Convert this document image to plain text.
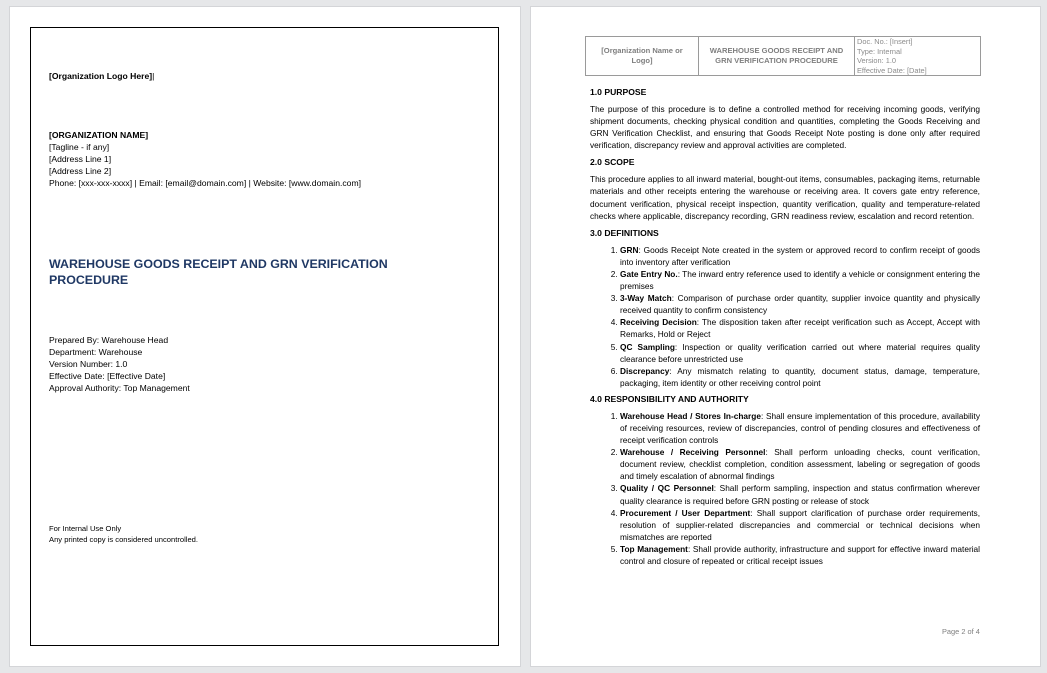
[Organization Logo Here]|
[ORGANIZATION NAME]
[Tagline - if any]
[Address Line 1]
[Address Line 2]
Phone: [xxx-xxx-xxxx] | Email: [email@domain.com] | Website: [www.domain.com]
WAREHOUSE GOODS RECEIPT AND GRN VERIFICATION PROCEDURE
Prepared By: Warehouse Head
Department: Warehouse
Version Number: 1.0
Effective Date: [Effective Date]
Approval Authority: Top Management
For Internal Use Only
Any printed copy is considered uncontrolled.
[Organization Name or Logo]	WAREHOUSE GOODS RECEIPT AND GRN VERIFICATION PROCEDURE	
Doc. No.: [Insert]
Type: Internal
Version: 1.0
Effective Date: [Date]
1.0 PURPOSE

The purpose of this procedure is to define a controlled method for receiving incoming goods, verifying shipment documents, checking physical condition and quantities, completing the Goods Receiving and GRN Verification Checklist, and ensuring that Goods Receipt Note posting is done only after required verification, discrepancy review and approval activities are completed.

2.0 SCOPE

This procedure applies to all inward material, bought-out items, consumables, packaging items, returnable materials and other receipts entering the warehouse or receiving area. It covers gate entry reference, document verification, physical receipt inspection, quantity verification, quality and temperature-related checks where applicable, discrepancy recording, GRN readiness review, escalation and record retention.

3.0 DEFINITIONS
1. GRN: Goods Receipt Note created in the system or approved record to confirm receipt of goods into inventory after verification
2. Gate Entry No.: The inward entry reference used to identify a vehicle or consignment entering the premises
3. 3-Way Match: Comparison of purchase order quantity, supplier invoice quantity and physically received quantity to confirm consistency
4. Receiving Decision: The disposition taken after receipt verification such as Accept, Accept with Remarks, Hold or Reject
5. QC Sampling: Inspection or quality verification carried out where material requires quality clearance before unrestricted use
6. Discrepancy: Any mismatch relating to quantity, document status, damage, temperature, packaging, item identity or other receiving control point
4.0 RESPONSIBILITY AND AUTHORITY
1. Warehouse Head / Stores In-charge: Shall ensure implementation of this procedure, availability of receiving resources, review of discrepancies, control of pending closures and effectiveness of receipt verification controls
2. Warehouse / Receiving Personnel: Shall perform unloading checks, count verification, document review, checklist completion, condition assessment, labeling or segregation of goods and timely escalation of abnormal findings
3. Quality / QC Personnel: Shall perform sampling, inspection and status confirmation wherever quality clearance is required before GRN posting or release of stock
4. Procurement / User Department: Shall support clarification of purchase order requirements, resolution of supplier-related discrepancies and commercial or technical decisions when mismatches are reported
5. Top Management: Shall provide authority, infrastructure and support for effective inward material control and closure of repeated or critical receipt issues
Page 2 of 4
